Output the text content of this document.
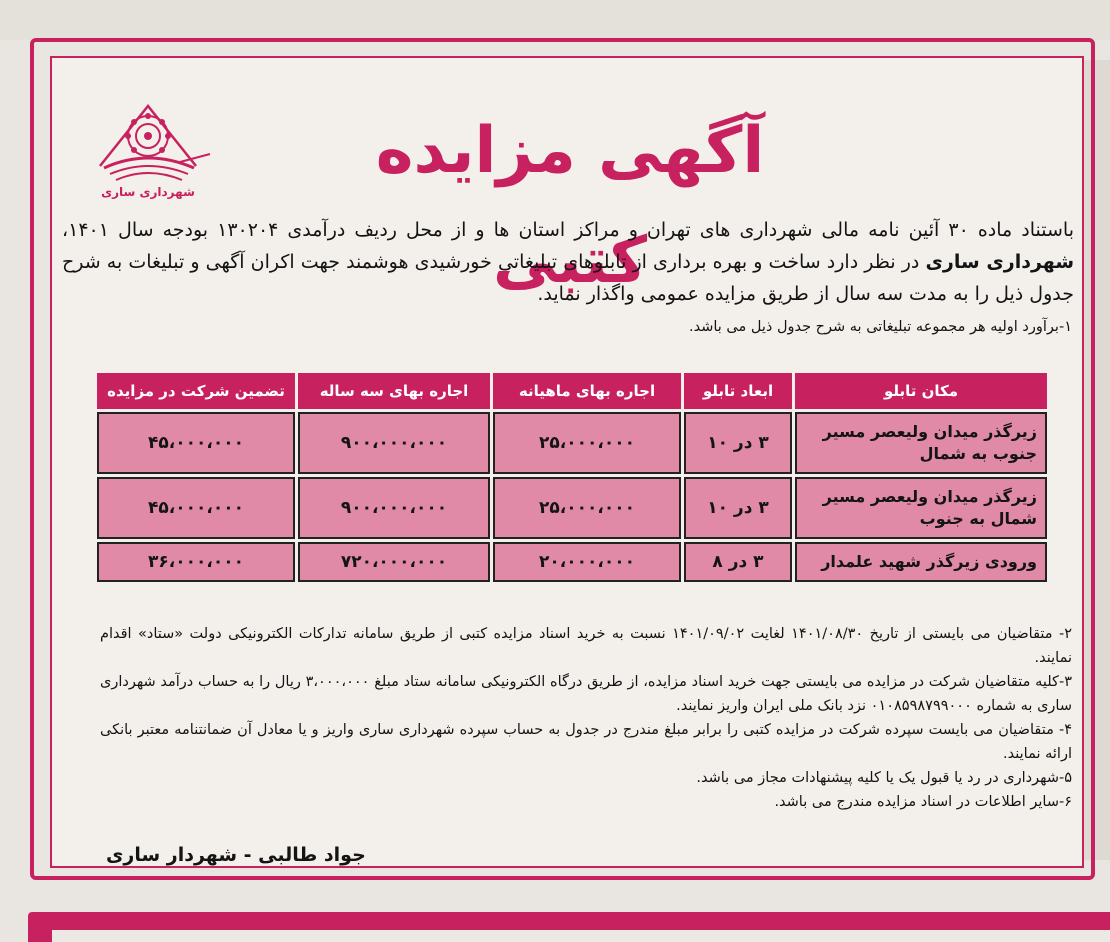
شهرداری ساری
آگهی مزایده کتبی

باستناد ماده ۳۰ آئین نامه مالی شهرداری های تهران و مراکز استان ها و از محل ردیف درآمدی ۱۳۰۲۰۴ بودجه سال ۱۴۰۱، شهرداری ساری در نظر دارد ساخت و بهره برداری از تابلوهای تبلیغاتی خورشیدی هوشمند جهت اکران آگهی و تبلیغات به شرح جدول ذیل را به مدت سه سال از طریق مزایده عمومی واگذار نماید.

۱-برآورد اولیه هر مجموعه تبلیغاتی به شرح جدول ذیل می باشد.

مکان تابلو	ابعاد تابلو	اجاره بهای ماهیانه	اجاره بهای سه ساله	تضمین شرکت در مزایده
زیرگذر میدان ولیعصر مسیر جنوب به شمال	۳ در ۱۰	۲۵،۰۰۰،۰۰۰	۹۰۰،۰۰۰،۰۰۰	۴۵،۰۰۰،۰۰۰
زیرگذر میدان ولیعصر مسیر شمال به جنوب	۳ در ۱۰	۲۵،۰۰۰،۰۰۰	۹۰۰،۰۰۰،۰۰۰	۴۵،۰۰۰،۰۰۰
ورودی زیرگذر شهید علمدار	۳ در ۸	۲۰،۰۰۰،۰۰۰	۷۲۰،۰۰۰،۰۰۰	۳۶،۰۰۰،۰۰۰
۲- متقاضیان می بایستی از تاریخ ۱۴۰۱/۰۸/۳۰ لغایت ۱۴۰۱/۰۹/۰۲ نسبت به خرید اسناد مزایده کتبی از طریق سامانه تدارکات الکترونیکی دولت «ستاد» اقدام نمایند.
۳-کلیه متقاضیان شرکت در مزایده می بایستی جهت خرید اسناد مزایده، از طریق درگاه الکترونیکی سامانه ستاد مبلغ ۳،۰۰۰،۰۰۰ ریال را به حساب درآمد شهرداری ساری به شماره ۰۱۰۸۵۹۸۷۹۹۰۰۰ نزد بانک ملی ایران واریز نمایند.
۴- متقاضیان می بایست سپرده شرکت در مزایده کتبی را برابر مبلغ مندرج در جدول به حساب سپرده شهرداری ساری واریز و یا معادل آن ضمانتنامه معتبر بانکی ارائه نمایند.
۵-شهرداری در رد یا قبول یک یا کلیه پیشنهادات مجاز می باشد.
۶-سایر اطلاعات در اسناد مزایده مندرج می باشد.
جواد طالبی - شهردار ساری
